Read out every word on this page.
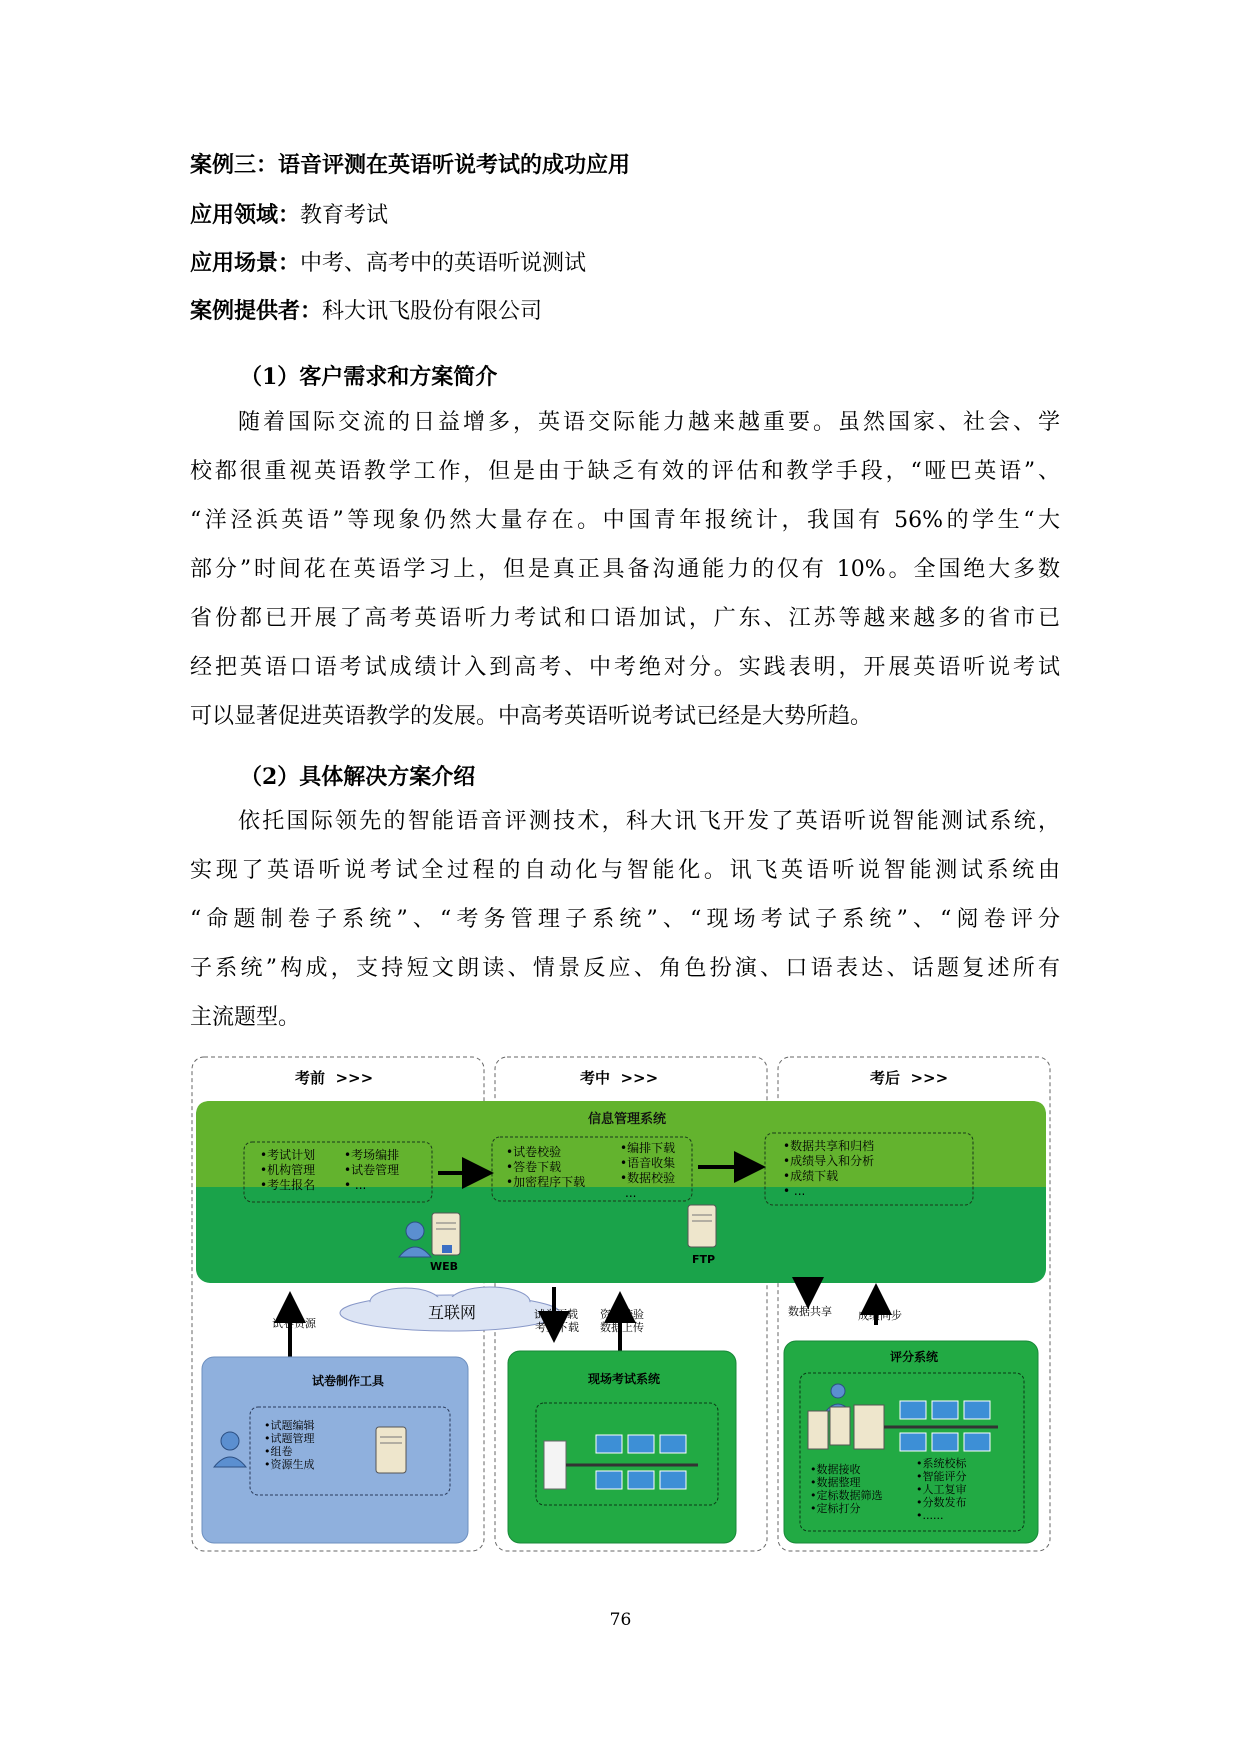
案例三：语音评测在英语听说考试的成功应用
应用领域：教育考试
应用场景：中考、高考中的英语听说测试
案例提供者：科大讯飞股份有限公司
（1）客户需求和方案简介
随着国际交流的日益增多，英语交际能力越来越重要。虽然国家、社会、学
校都很重视英语教学工作，但是由于缺乏有效的评估和教学手段，“哑巴英语”、
“洋泾浜英语”等现象仍然大量存在。中国青年报统计，我国有 56%的学生“大
部分”时间花在英语学习上，但是真正具备沟通能力的仅有 10%。全国绝大多数
省份都已开展了高考英语听力考试和口语加试，广东、江苏等越来越多的省市已
经把英语口语考试成绩计入到高考、中考绝对分。实践表明，开展英语听说考试
可以显著促进英语教学的发展。中高考英语听说考试已经是大势所趋。
（2）具体解决方案介绍
依托国际领先的智能语音评测技术，科大讯飞开发了英语听说智能测试系统，
实现了英语听说考试全过程的自动化与智能化。讯飞英语听说智能测试系统由
“命题制卷子系统”、“考务管理子系统”、“现场考试子系统”、“阅卷评分
子系统”构成，支持短文朗读、情景反应、角色扮演、口语表达、话题复述所有
主流题型。
考前  >>>	考中  >>>	考后  >>>
信息管理系统
•考试计划 •机构管理 •考生报名
•考场编排 •试卷管理 • ...
•试卷校验 •答卷下载 •加密程序下载
•编排下载 •语音收集 •数据校验 ...
•数据共享和归档 •成绩导入和分析 •成绩下载 • ...
WEB
FTP
互联网
试卷资源
试卷下载 考生下载
资源校验 数据上传
数据共享 成绩同步
试卷制作工具
•试题编辑 •试题管理 •组卷 •资源生成
现场考试系统
评分系统
•数据接收 •数据整理 •定标数据筛选 •定标打分
•系统校标 •智能评分 •人工复审 •分数发布 •......
76
